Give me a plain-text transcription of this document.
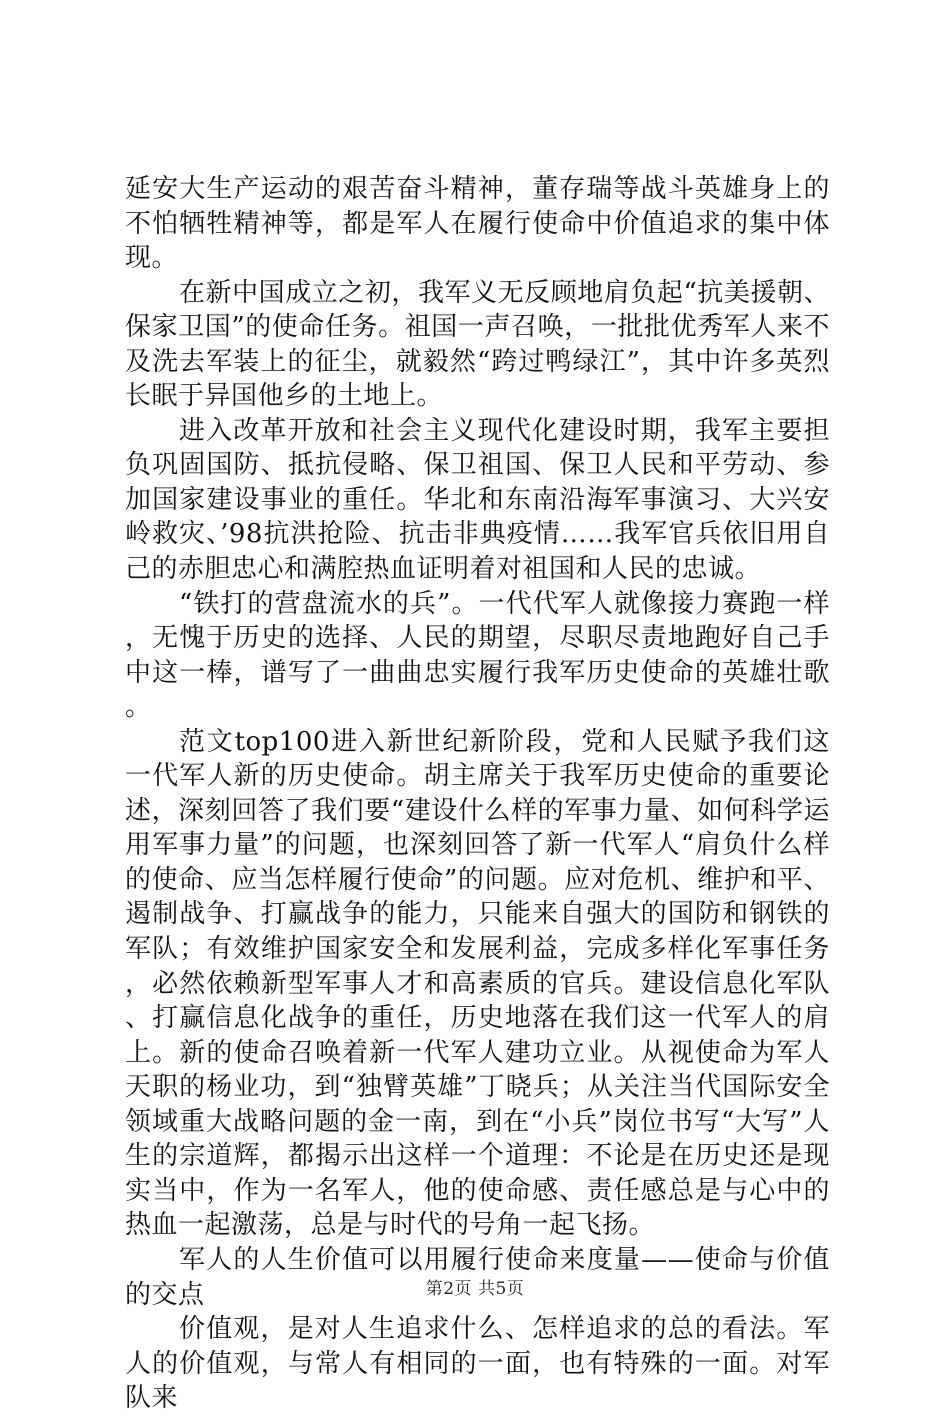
延安大生产运动的艰苦奋斗精神，董存瑞等战斗英雄身上的不怕牺牲精神等，都是军人在履行使命中价值追求的集中体现。

在新中国成立之初，我军义无反顾地肩负起“抗美援朝、保家卫国”的使命任务。祖国一声召唤，一批批优秀军人来不及洗去军装上的征尘，就毅然“跨过鸭绿江”，其中许多英烈长眠于异国他乡的土地上。

进入改革开放和社会主义现代化建设时期，我军主要担负巩固国防、抵抗侵略、保卫祖国、保卫人民和平劳动、参加国家建设事业的重任。华北和东南沿海军事演习、大兴安岭救灾、’98抗洪抢险、抗击非典疫情……我军官兵依旧用自己的赤胆忠心和满腔热血证明着对祖国和人民的忠诚。

“铁打的营盘流水的兵”。一代代军人就像接力赛跑一样，无愧于历史的选择、人民的期望，尽职尽责地跑好自己手中这一棒，谱写了一曲曲忠实履行我军历史使命的英雄壮歌。

范文top100进入新世纪新阶段，党和人民赋予我们这一代军人新的历史使命。胡主席关于我军历史使命的重要论述，深刻回答了我们要“建设什么样的军事力量、如何科学运用军事力量”的问题，也深刻回答了新一代军人“肩负什么样的使命、应当怎样履行使命”的问题。应对危机、维护和平、遏制战争、打赢战争的能力，只能来自强大的国防和钢铁的军队；有效维护国家安全和发展利益，完成多样化军事任务，必然依赖新型军事人才和高素质的官兵。建设信息化军队、打赢信息化战争的重任，历史地落在我们这一代军人的肩上。新的使命召唤着新一代军人建功立业。从视使命为军人天职的杨业功，到“独臂英雄”丁晓兵；从关注当代国际安全领域重大战略问题的金一南，到在“小兵”岗位书写“大写”人生的宗道辉，都揭示出这样一个道理：不论是在历史还是现实当中，作为一名军人，他的使命感、责任感总是与心中的热血一起激荡，总是与时代的号角一起飞扬。

军人的人生价值可以用履行使命来度量——使命与价值的交点

价值观，是对人生追求什么、怎样追求的总的看法。军人的价值观，与常人有相同的一面，也有特殊的一面。对军队来

第2页 共5页
